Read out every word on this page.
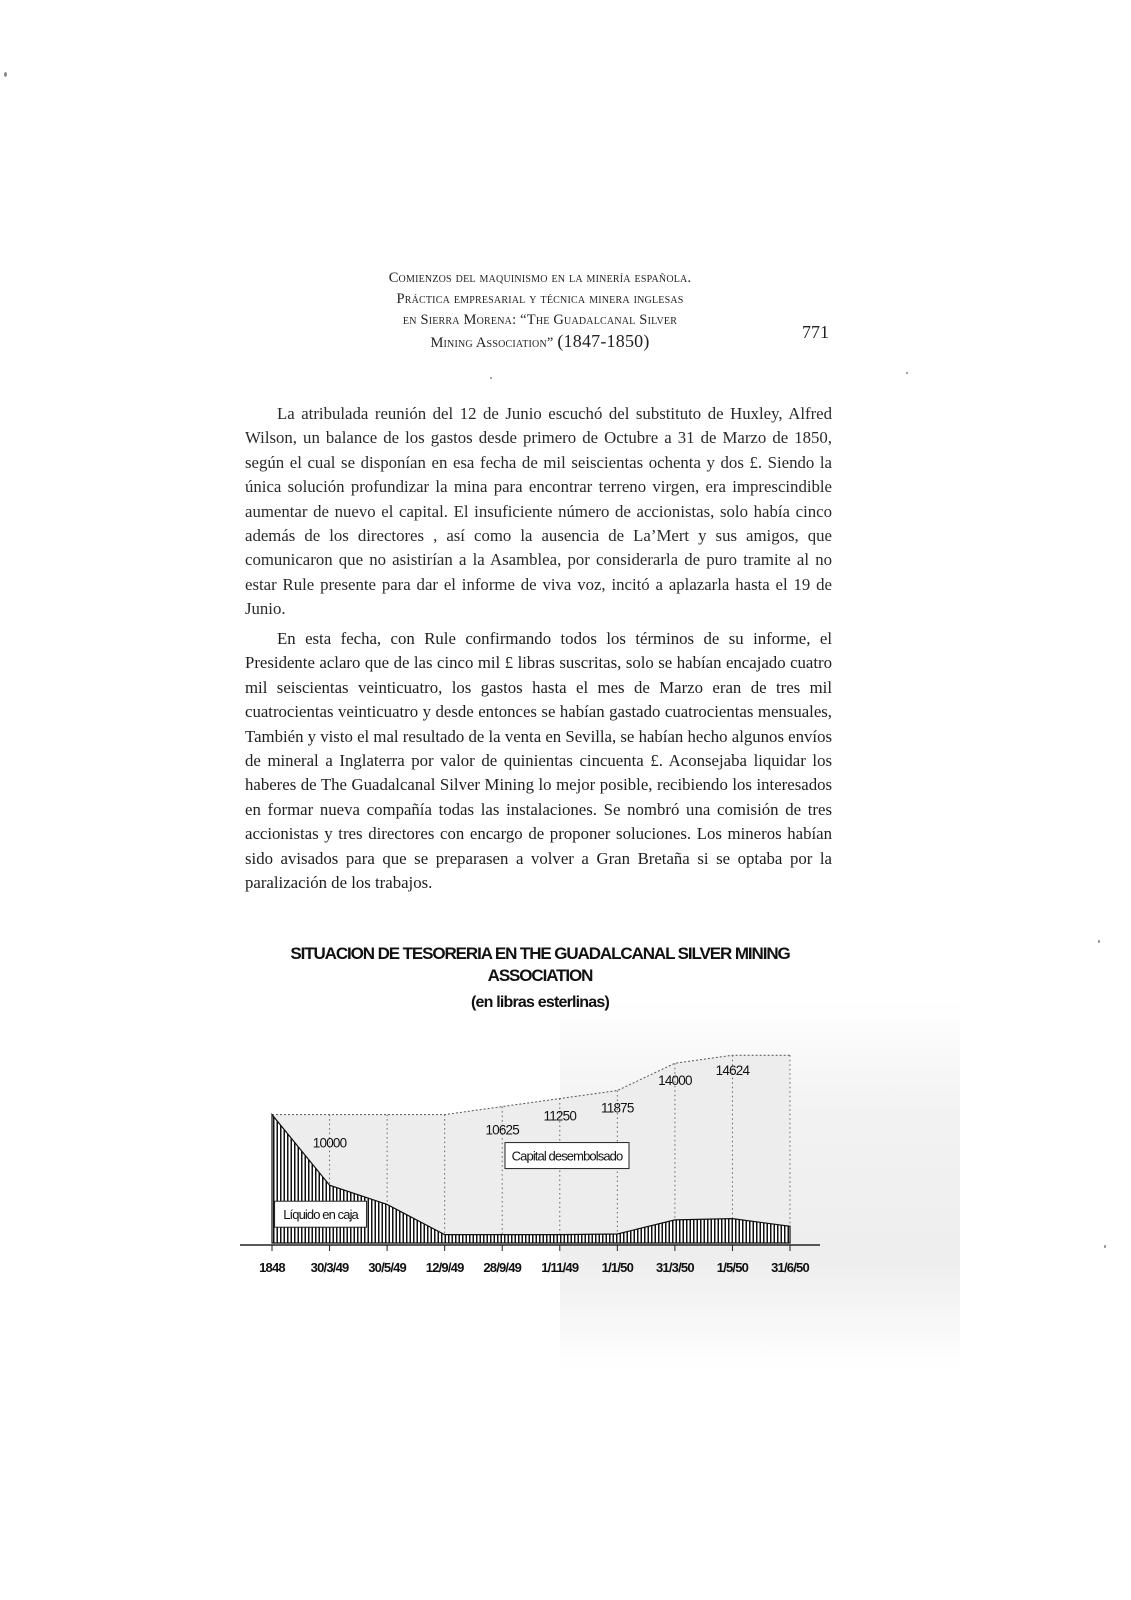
Comienzos del maquinismo en la minería española.
Práctica empresarial y técnica minera inglesas
en Sierra Morena: “The Guadalcanal Silver
Mining Association” (1847-1850)	771

La atribulada reunión del 12 de Junio escuchó del substituto de Huxley, Alfred Wilson, un balance de los gastos desde primero de Octubre a 31 de Marzo de 1850, según el cual se disponían en esa fecha de mil seiscientas ochenta y dos £. Siendo la única solución profundizar la mina para encontrar terreno virgen, era imprescindible aumentar de nuevo el capital. El insuficiente número de accionistas, solo había cinco además de los directores , así como la ausencia de La’Mert y sus amigos, que comunicaron que no asistirían a la Asamblea, por considerarla de puro tramite al no estar Rule presente para dar el informe de viva voz, incitó a aplazarla hasta el 19 de Junio.

En esta fecha, con Rule confirmando todos los términos de su informe, el Presidente aclaro que de las cinco mil £ libras suscritas, solo se habían encajado cuatro mil seiscientas veinticuatro, los gastos hasta el mes de Marzo eran de tres mil cuatrocientas veinticuatro y desde entonces se habían gastado cuatrocientas mensuales, También y visto el mal resultado de la venta en Sevilla, se habían hecho algunos envíos de mineral a Inglaterra por valor de quinientas cincuenta £. Aconsejaba liquidar los haberes de The Guadalcanal Silver Mining lo mejor posible, recibiendo los interesados en formar nueva compañía todas las instalaciones. Se nombró una comisión de tres accionistas y tres directores con encargo de proponer soluciones. Los mineros habían sido avisados para que se preparasen a volver a Gran Bretaña si se optaba por la paralización de los trabajos.

SITUACION DE TESORERIA EN THE GUADALCANAL SILVER MINING ASSOCIATION
(en libras esterlinas)
1848 30/3/49 30/5/49 12/9/49 28/9/49 1/11/49 1/1/50 31/3/50 1/5/50 31/6/50
10000
10625
11250
11875
14000
14624
Capital desembolsado
Líquido en caja
